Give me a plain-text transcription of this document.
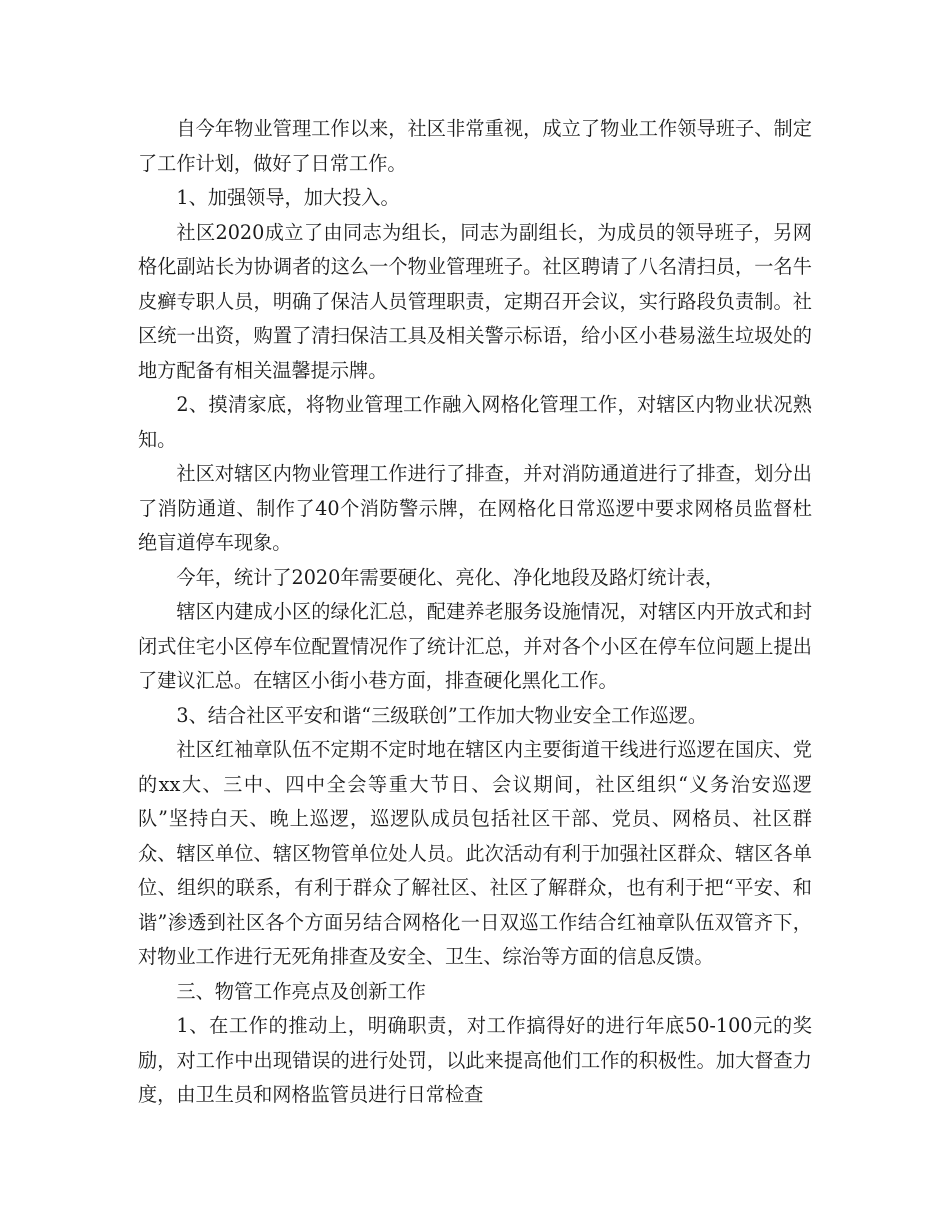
自今年物业管理工作以来，社区非常重视，成立了物业工作领导班子、制定了工作计划，做好了日常工作。

1、加强领导，加大投入。

社区2020成立了由同志为组长，同志为副组长，为成员的领导班子，另网格化副站长为协调者的这么一个物业管理班子。社区聘请了八名清扫员，一名牛皮癣专职人员，明确了保洁人员管理职责，定期召开会议，实行路段负责制。社区统一出资，购置了清扫保洁工具及相关警示标语，给小区小巷易滋生垃圾处的地方配备有相关温馨提示牌。

2、摸清家底，将物业管理工作融入网格化管理工作，对辖区内物业状况熟知。

社区对辖区内物业管理工作进行了排查，并对消防通道进行了排查，划分出了消防通道、制作了40个消防警示牌，在网格化日常巡逻中要求网格员监督杜绝盲道停车现象。

今年，统计了2020年需要硬化、亮化、净化地段及路灯统计表，

辖区内建成小区的绿化汇总，配建养老服务设施情况，对辖区内开放式和封闭式住宅小区停车位配置情况作了统计汇总，并对各个小区在停车位问题上提出了建议汇总。在辖区小街小巷方面，排查硬化黑化工作。

3、结合社区平安和谐“三级联创”工作加大物业安全工作巡逻。

社区红袖章队伍不定期不定时地在辖区内主要街道干线进行巡逻在国庆、党的xx大、三中、四中全会等重大节日、会议期间，社区组织“义务治安巡逻队”坚持白天、晚上巡逻，巡逻队成员包括社区干部、党员、网格员、社区群众、辖区单位、辖区物管单位处人员。此次活动有利于加强社区群众、辖区各单位、组织的联系，有利于群众了解社区、社区了解群众，也有利于把“平安、和谐”渗透到社区各个方面另结合网格化一日双巡工作结合红袖章队伍双管齐下，对物业工作进行无死角排查及安全、卫生、综治等方面的信息反馈。

三、物管工作亮点及创新工作

1、在工作的推动上，明确职责，对工作搞得好的进行年底50-100元的奖励，对工作中出现错误的进行处罚，以此来提高他们工作的积极性。加大督查力度，由卫生员和网格监管员进行日常检查
